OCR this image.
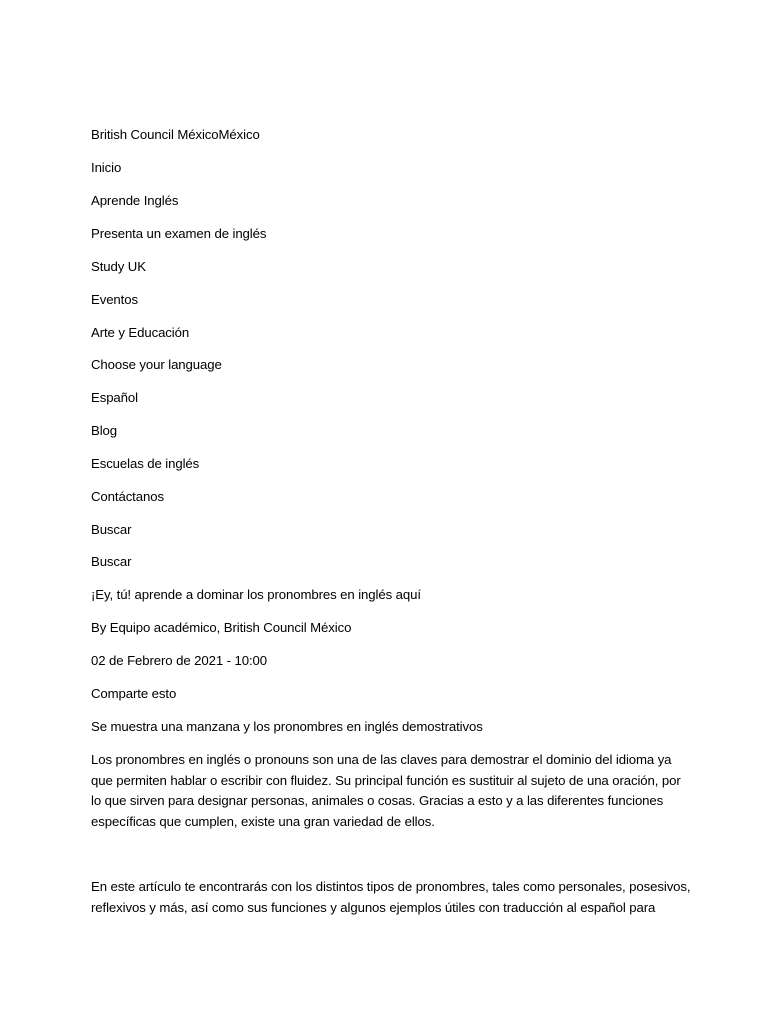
British Council MéxicoMéxico
Inicio
Aprende Inglés
Presenta un examen de inglés
Study UK
Eventos
Arte y Educación
Choose your language
Español
Blog
Escuelas de inglés
Contáctanos
Buscar
Buscar
¡Ey, tú! aprende a dominar los pronombres en inglés aquí
By Equipo académico, British Council México
02 de Febrero de 2021 - 10:00
Comparte esto
Se muestra una manzana y los pronombres en inglés demostrativos
Los pronombres en inglés o pronouns son una de las claves para demostrar el dominio del idioma ya que permiten hablar o escribir con fluidez. Su principal función es sustituir al sujeto de una oración, por lo que sirven para designar personas, animales o cosas. Gracias a esto y a las diferentes funciones específicas que cumplen, existe una gran variedad de ellos.
En este artículo te encontrarás con los distintos tipos de pronombres, tales como personales, posesivos, reflexivos y más, así como sus funciones y algunos ejemplos útiles con traducción al español para
